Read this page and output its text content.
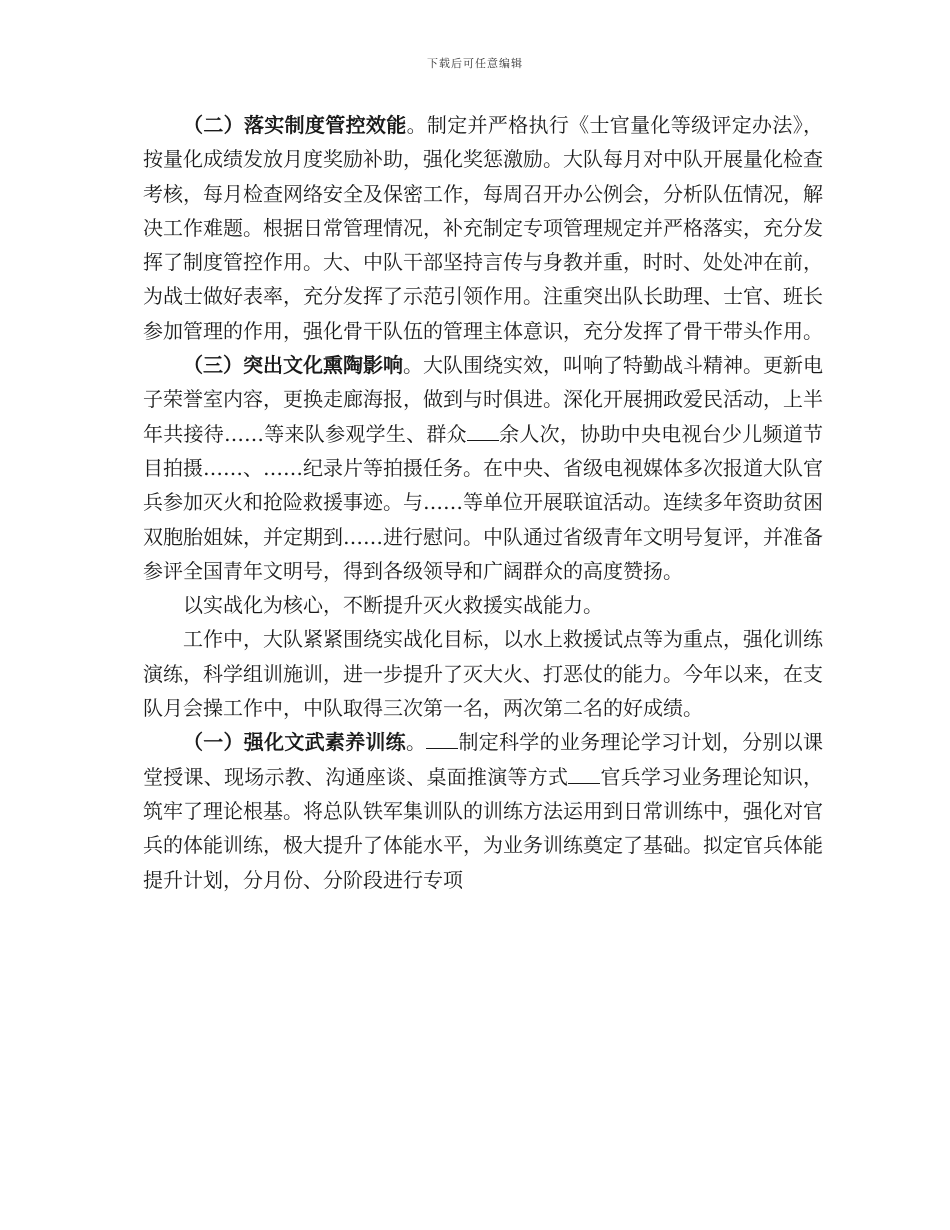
下载后可任意编辑

（二）落实制度管控效能。制定并严格执行《士官量化等级评定办法》，按量化成绩发放月度奖励补助，强化奖惩激励。大队每月对中队开展量化检查考核，每月检查网络安全及保密工作，每周召开办公例会，分析队伍情况，解决工作难题。根据日常管理情况，补充制定专项管理规定并严格落实，充分发挥了制度管控作用。大、中队干部坚持言传与身教并重，时时、处处冲在前，为战士做好表率，充分发挥了示范引领作用。注重突出队长助理、士官、班长参加管理的作用，强化骨干队伍的管理主体意识，充分发挥了骨干带头作用。

（三）突出文化熏陶影响。大队围绕实效，叫响了特勤战斗精神。更新电子荣誉室内容，更换走廊海报，做到与时俱进。深化开展拥政爱民活动，上半年共接待……等来队参观学生、群众 余人次，协助中央电视台少儿频道节目拍摄……、……纪录片等拍摄任务。在中央、省级电视媒体多次报道大队官兵参加灭火和抢险救援事迹。与……等单位开展联谊活动。连续多年资助贫困双胞胎姐妹，并定期到……进行慰问。中队通过省级青年文明号复评，并准备参评全国青年文明号，得到各级领导和广阔群众的高度赞扬。

以实战化为核心，不断提升灭火救援实战能力。

工作中，大队紧紧围绕实战化目标，以水上救援试点等为重点，强化训练演练，科学组训施训，进一步提升了灭大火、打恶仗的能力。今年以来，在支队月会操工作中，中队取得三次第一名，两次第二名的好成绩。

（一）强化文武素养训练。 制定科学的业务理论学习计划，分别以课堂授课、现场示教、沟通座谈、桌面推演等方式 官兵学习业务理论知识，筑牢了理论根基。将总队铁军集训队的训练方法运用到日常训练中，强化对官兵的体能训练，极大提升了体能水平，为业务训练奠定了基础。拟定官兵体能提升计划，分月份、分阶段进行专项
